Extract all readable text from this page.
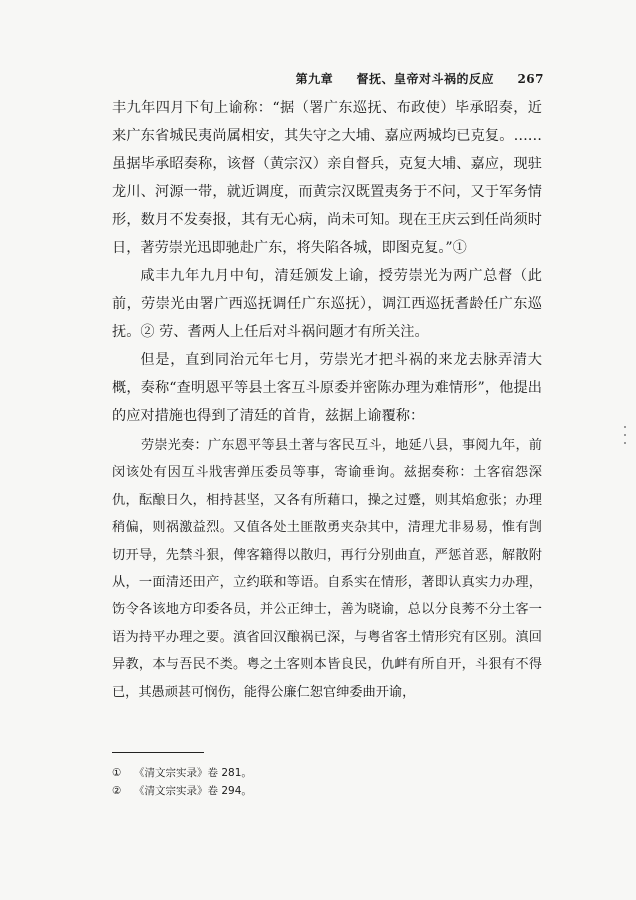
第九章 督抚、皇帝对斗祸的反应 267

丰九年四月下旬上谕称：“据（署广东巡抚、布政使）毕承昭奏，近来广东省城民夷尚属相安，其失守之大埔、嘉应两城均已克复。……虽据毕承昭奏称，该督（黄宗汉）亲自督兵，克复大埔、嘉应，现驻龙川、河源一带，就近调度，而黄宗汉既置夷务于不问，又于军务情形，数月不发奏报，其有无心病，尚未可知。现在王庆云到任尚须时日，著劳崇光迅即驰赴广东，将失陷各城，即图克复。”①

咸丰九年九月中旬，清廷颁发上谕，授劳崇光为两广总督（此前，劳崇光由署广西巡抚调任广东巡抚），调江西巡抚耆龄任广东巡抚。② 劳、耆两人上任后对斗祸问题才有所关注。

但是，直到同治元年七月，劳崇光才把斗祸的来龙去脉弄清大概，奏称“查明恩平等县土客互斗原委并密陈办理为难情形”，他提出的应对措施也得到了清廷的首肯，兹据上谕覆称：

劳崇光奏：广东恩平等县土著与客民互斗，地延八县，事阅九年，前闵该处有因互斗戕害弹压委员等事，寄谕垂询。兹据奏称：土客宿怨深仇，酝酿日久，相持甚坚，又各有所藉口，操之过蹙，则其焰愈张；办理稍偏，则祸激益烈。又值各处土匪散勇夹杂其中，清理尤非易易，惟有剀切开导，先禁斗狠，俾客籍得以散归，再行分别曲直，严惩首恶，解散附从，一面清还田产，立约联和等语。自系实在情形，著即认真实力办理，饬令各该地方印委各员，并公正绅士，善为晓谕，总以分良莠不分土客一语为持平办理之要。滇省回汉酿祸已深，与粤省客土情形究有区别。滇回异教，本与吾民不类。粤之土客则本皆良民，仇衅有所自开，斗狠有不得已，其愚顽甚可悯伤，能得公廉仁恕官绅委曲开谕，

① 《清文宗实录》卷 281。
② 《清文宗实录》卷 294。
